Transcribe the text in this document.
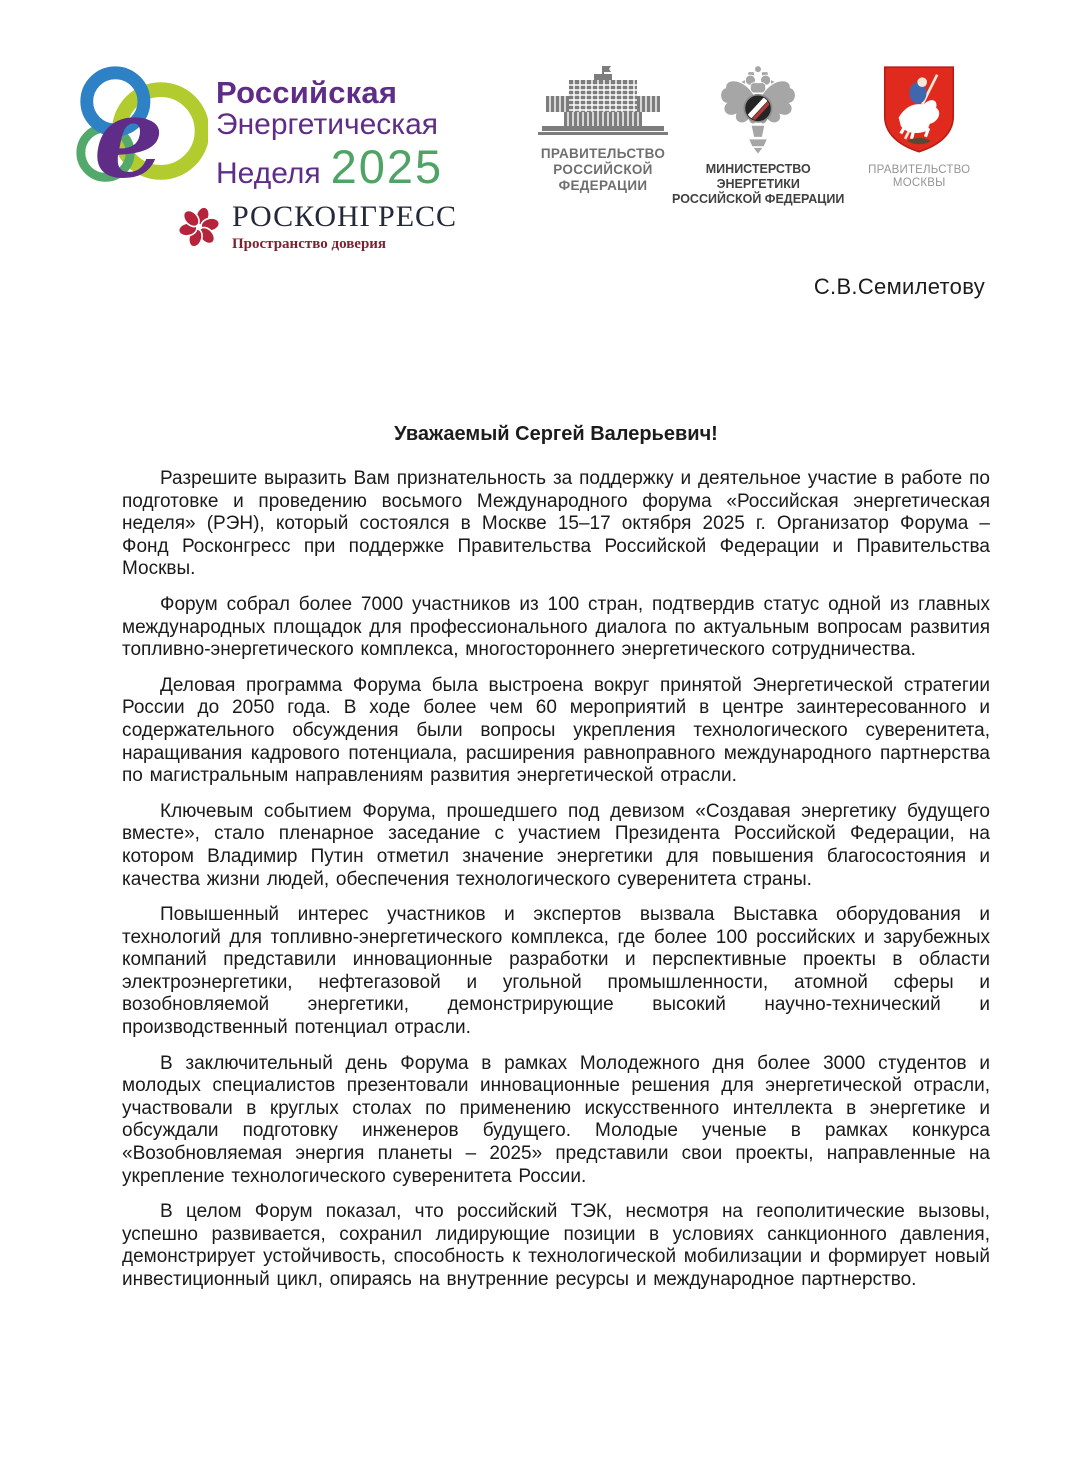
e Российская
Энергетическая
Неделя 2025
РОСКОНГРЕСС
Пространство доверия
ПРАВИТЕЛЬСТВО
РОССИЙСКОЙ
ФЕДЕРАЦИИ
МИНИСТЕРСТВО ЭНЕРГЕТИКИ
РОССИЙСКОЙ ФЕДЕРАЦИИ
ПРАВИТЕЛЬСТВО МОСКВЫ
С.В.Семилетову
Уважаемый Сергей Валерьевич!

Разрешите выразить Вам признательность за поддержку и деятельное участие в работе по подготовке и проведению восьмого Международного форума «Российская энергетическая неделя» (РЭН), который состоялся в Москве 15–17 октября 2025 г. Организатор Форума – Фонд Росконгресс при поддержке Правительства Российской Федерации и Правительства Москвы.

Форум собрал более 7000 участников из 100 стран, подтвердив статус одной из главных международных площадок для профессионального диалога по актуальным вопросам развития топливно-энергетического комплекса, многостороннего энергетического сотрудничества.

Деловая программа Форума была выстроена вокруг принятой Энергетической стратегии России до 2050 года. В ходе более чем 60 мероприятий в центре заинтересованного и содержательного обсуждения были вопросы укрепления технологического суверенитета, наращивания кадрового потенциала, расширения равноправного международного партнерства по магистральным направлениям развития энергетической отрасли.

Ключевым событием Форума, прошедшего под девизом «Создавая энергетику будущего вместе», стало пленарное заседание с участием Президента Российской Федерации, на котором Владимир Путин отметил значение энергетики для повышения благосостояния и качества жизни людей, обеспечения технологического суверенитета страны.

Повышенный интерес участников и экспертов вызвала Выставка оборудования и технологий для топливно-энергетического комплекса, где более 100 российских и зарубежных компаний представили инновационные разработки и перспективные проекты в области электроэнергетики, нефтегазовой и угольной промышленности, атомной сферы и возобновляемой энергетики, демонстрирующие высокий научно-технический и производственный потенциал отрасли.

В заключительный день Форума в рамках Молодежного дня более 3000 студентов и молодых специалистов презентовали инновационные решения для энергетической отрасли, участвовали в круглых столах по применению искусственного интеллекта в энергетике и обсуждали подготовку инженеров будущего. Молодые ученые в рамках конкурса «Возобновляемая энергия планеты – 2025» представили свои проекты, направленные на укрепление технологического суверенитета России.

В целом Форум показал, что российский ТЭК, несмотря на геополитические вызовы, успешно развивается, сохранил лидирующие позиции в условиях санкционного давления, демонстрирует устойчивость, способность к технологической мобилизации и формирует новый инвестиционный цикл, опираясь на внутренние ресурсы и международное партнерство.
